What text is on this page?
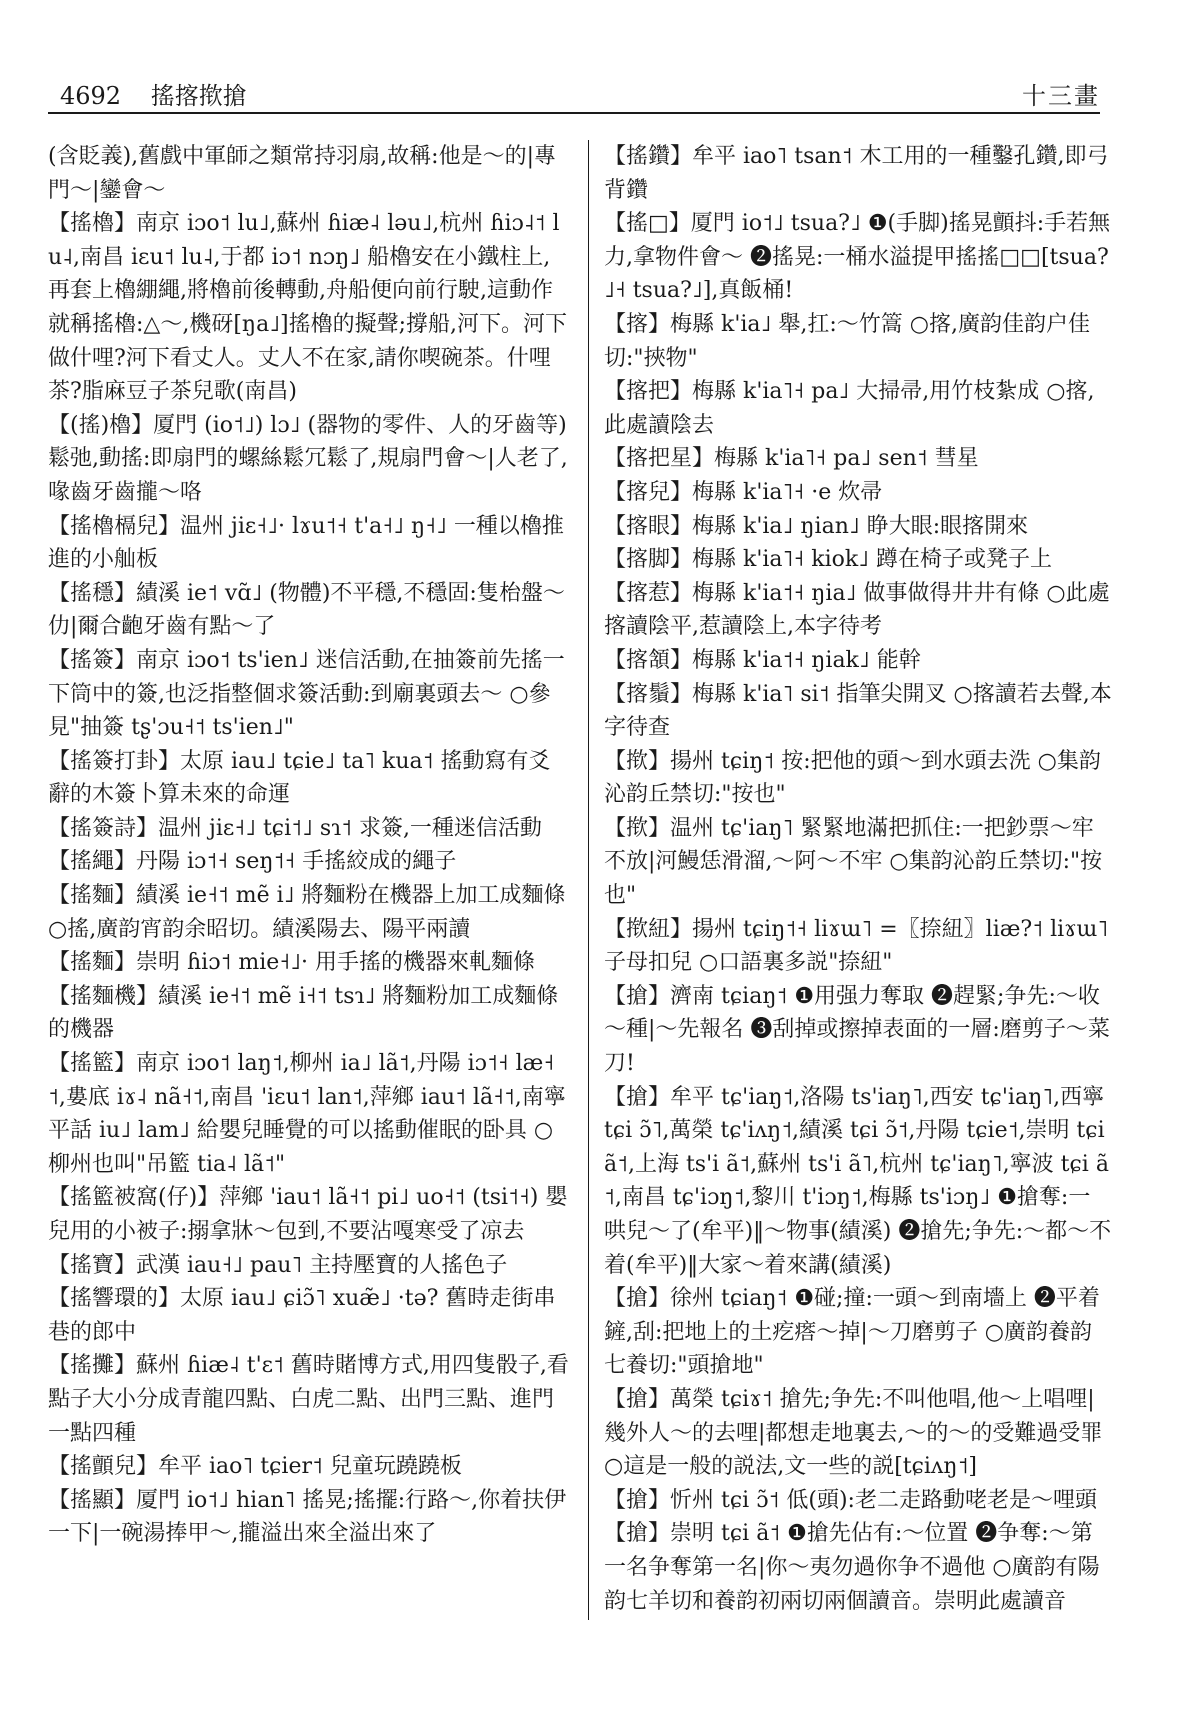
4692 搖揢揿搶	十三畫

(含貶義),舊戲中軍師之類常持羽扇,故稱:他是～的|專門～|鑾會～

【搖櫓】南京 iɔo˦ lu˩,蘇州 ɦiæ˨ ləu˩,杭州 ɦiɔ˨˦ lu˨,南昌 iɛu˦ lu˨,于都 iɔ˦ nɔŋ˩ 船櫓安在小鐵柱上,再套上櫓綳繩,將櫓前後轉動,舟船便向前行駛,這動作就稱搖櫓:△～,機砑[ŋa˩]搖櫓的擬聲;撐船,河下。河下做什哩?河下看丈人。丈人不在家,請你喫碗茶。什哩茶?脂麻豆子茶兒歌(南昌)

【(搖)櫓】厦門 (io˦˩) lɔ˩ (器物的零件、人的牙齒等)鬆弛,動搖:即扇門的螺絲鬆冗鬆了,規扇門會～|人老了,喙齒牙齒攏～咯

【搖櫓槅兒】温州 jiɛ˧˩· lɤu˦˧ t'a˧˩ ŋ˧˩ 一種以櫓推進的小舢板

【搖穩】績溪 ie˦ vɑ̃˩ (物體)不平穩,不穩固:隻枱盤～仂|爾合齙牙齒有點～了

【搖簽】南京 iɔo˦ ts'ien˩ 迷信活動,在抽簽前先搖一下筒中的簽,也泛指整個求簽活動:到廟裏頭去～ ○參見"抽簽 tʂ'ɔu˧˦ ts'ien˩"

【搖簽打卦】太原 iau˩ tɕie˩ ta˥ kua˦ 搖動寫有爻辭的木簽卜算未來的命運

【搖簽詩】温州 jiɛ˧˩ tɕi˦˩ sɿ˦ 求簽,一種迷信活動

【搖繩】丹陽 iɔ˦˧ seŋ˦˧ 手搖絞成的繩子

【搖麵】績溪 ie˧˦ mẽ i˩ 將麵粉在機器上加工成麵條 ○搖,廣韵宵韵余昭切。績溪陽去、陽平兩讀

【搖麵】崇明 ɦiɔ˦ mie˧˩· 用手搖的機器來軋麵條

【搖麵機】績溪 ie˧˦ mẽ i˧˦ tsɿ˩ 將麵粉加工成麵條的機器

【搖籃】南京 iɔo˦ laŋ˦,柳州 ia˩ lã˦,丹陽 iɔ˦˧ læ˧˦,婁底 iɤ˨ nã˧˦,南昌 'iɛu˦ lan˦,萍鄉 iau˦ lã˧˦,南寧平話 iu˩ lam˩ 給嬰兒睡覺的可以搖動催眠的卧具 ○柳州也叫"吊籃 tia˨ lã˦"

【搖籃被窩(仔)】萍鄉 'iau˦ lã˧˦ pi˩ uo˧˦ (tsi˦˧) 嬰兒用的小被子:搦拿牀～包到,不要沾嘎寒受了凉去

【搖寶】武漢 iau˧˩ pau˥ 主持壓寶的人搖色子

【搖響環的】太原 iau˩ ɕiɔ̃˥ xuæ̃˩ ·tə? 舊時走街串巷的郎中

【搖攤】蘇州 ɦiæ˨ t'ɛ˦ 舊時賭博方式,用四隻骰子,看點子大小分成青龍四點、白虎二點、出門三點、進門一點四種

【搖顫兒】牟平 iao˥ tɕier˦ 兒童玩蹺蹺板

【搖顯】厦門 io˦˩ hian˥ 搖晃;搖擺:行路～,你着扶伊一下|一碗湯捧甲～,攏溢出來全溢出來了

【搖鑽】牟平 iao˥ tsan˦ 木工用的一種鑿孔鑽,即弓背鑽

【搖□】厦門 io˦˩ tsua?˩ ❶(手脚)搖晃顫抖:手若無力,拿物件會～ ❷搖晃:一桶水溢提甲搖搖□□[tsua?˩˧ tsua?˩],真飯桶!

【揢】梅縣 k'ia˩ 舉,扛:～竹篙 ○揢,廣韵佳韵户佳切:"挾物"

【揢把】梅縣 k'ia˥˧ pa˩ 大掃帚,用竹枝紮成 ○揢,此處讀陰去

【揢把星】梅縣 k'ia˥˧ pa˩ sen˦ 彗星

【揢兒】梅縣 k'ia˥˧ ·e 炊帚

【揢眼】梅縣 k'ia˩ ŋian˩ 睁大眼:眼揢開來

【揢脚】梅縣 k'ia˥˧ kiok˩ 蹲在椅子或凳子上

【揢惹】梅縣 k'ia˦˧ ŋia˩ 做事做得井井有條 ○此處揢讀陰平,惹讀陰上,本字待考

【揢頷】梅縣 k'ia˦˧ ŋiak˩ 能幹

【揢鬚】梅縣 k'ia˥ si˦ 指筆尖開叉 ○揢讀若去聲,本字待查

【揿】揚州 tɕiŋ˦ 按:把他的頭～到水頭去洗 ○集韵沁韵丘禁切:"按也"

【揿】温州 tɕ'iaŋ˥ 緊緊地滿把抓住:一把鈔票～牢不放|河鰻恁滑溜,～阿～不牢 ○集韵沁韵丘禁切:"按也"

【揿紐】揚州 tɕiŋ˦˧ liɤɯ˥ =〖捺紐〗liæ?˦ liɤɯ˥ 子母扣兒 ○口語裏多説"捺紐"

【搶】濟南 tɕiaŋ˦ ❶用强力奪取 ❷趕緊;争先:～收～種|～先報名 ❸刮掉或擦掉表面的一層:磨剪子～菜刀!

【搶】牟平 tɕ'iaŋ˦,洛陽 ts'iaŋ˥,西安 tɕ'iaŋ˥,西寧 tɕi ɔ̃˥,萬榮 tɕ'iʌŋ˦,績溪 tɕi ɔ̃˦,丹陽 tɕie˦,崇明 tɕi ã˦,上海 ts'i ã˦,蘇州 ts'i ã˥,杭州 tɕ'iaŋ˥,寧波 tɕi ã˦,南昌 tɕ'iɔŋ˦,黎川 t'iɔŋ˦,梅縣 ts'iɔŋ˩ ❶搶奪:一哄兒～了(牟平)‖～物事(績溪) ❷搶先;争先:～都～不着(牟平)‖大家～着來講(績溪)

【搶】徐州 tɕiaŋ˦ ❶碰;撞:一頭～到南墻上 ❷平着鏟,刮:把地上的土疙瘩～掉|～刀磨剪子 ○廣韵養韵七養切:"頭搶地"

【搶】萬榮 tɕiɤ˦ 搶先;争先:不叫他唱,他～上唱哩|幾外人～的去哩|都想走地裏去,～的～的受難過受罪 ○這是一般的説法,文一些的説[tɕiʌŋ˦]

【搶】忻州 tɕi ɔ̃˦ 低(頭):老二走路動咾老是～哩頭

【搶】崇明 tɕi ã˦ ❶搶先佔有:～位置 ❷争奪:～第一名争奪第一名|你～夷勿過你争不過他 ○廣韵有陽韵七羊切和養韵初兩切兩個讀音。崇明此處讀音
